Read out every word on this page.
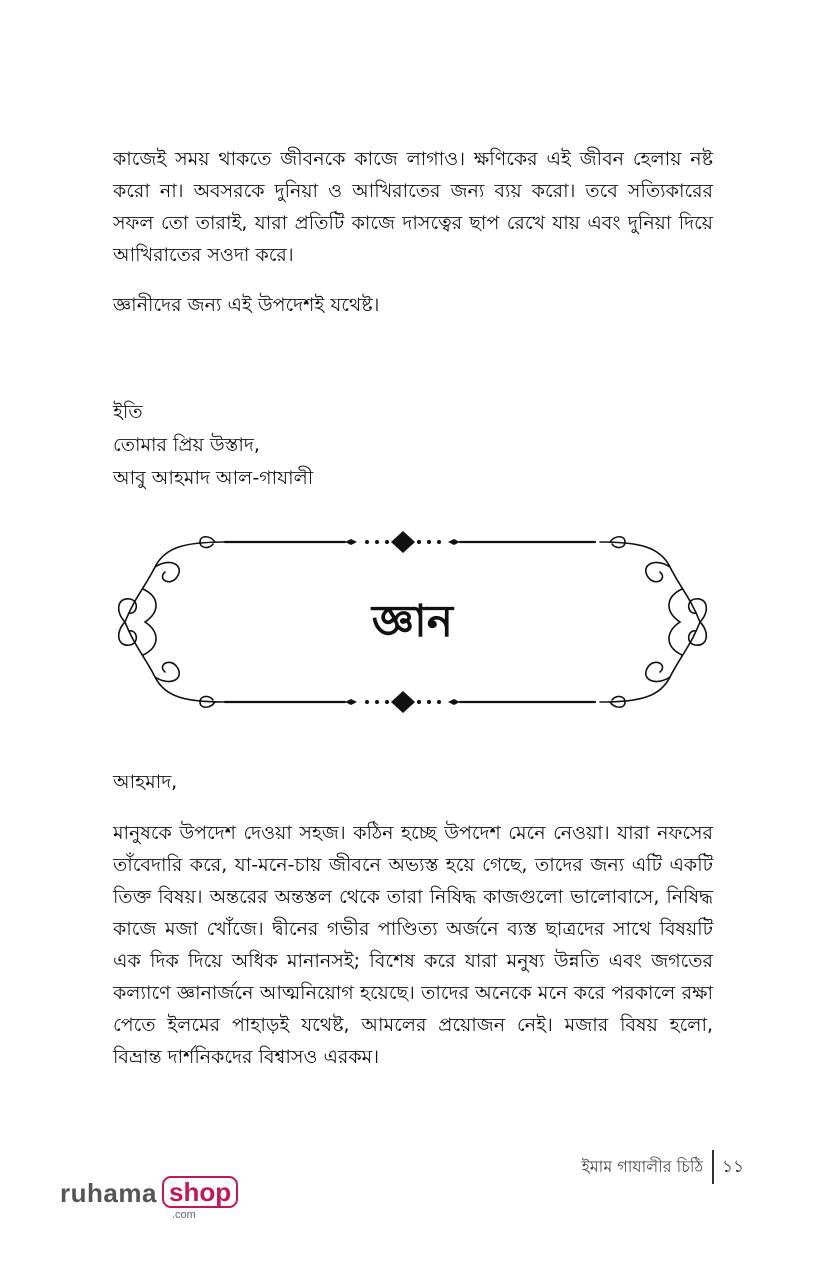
কাজেই সময় থাকতে জীবনকে কাজে লাগাও। ক্ষণিকের এই জীবন হেলায় নষ্ট করো না। অবসরকে দুনিয়া ও আখিরাতের জন্য ব্যয় করো। তবে সত্যিকারের সফল তো তারাই, যারা প্রতিটি কাজে দাসত্বের ছাপ রেখে যায় এবং দুনিয়া দিয়ে আখিরাতের সওদা করে।

জ্ঞানীদের জন্য এই উপদেশই যথেষ্ট।

ইতি

তোমার প্রিয় উস্তাদ,

আবু আহমাদ আল-গাযালী

জ্ঞান

আহমাদ,

মানুষকে উপদেশ দেওয়া সহজ। কঠিন হচ্ছে উপদেশ মেনে নেওয়া। যারা নফসের তাঁবেদারি করে, যা-মনে-চায় জীবনে অভ্যস্ত হয়ে গেছে, তাদের জন্য এটি একটি তিক্ত বিষয়। অন্তরের অন্তস্তল থেকে তারা নিষিদ্ধ কাজগুলো ভালোবাসে, নিষিদ্ধ কাজে মজা খোঁজে। দ্বীনের গভীর পাণ্ডিত্য অর্জনে ব্যস্ত ছাত্রদের সাথে বিষয়টি এক দিক দিয়ে অধিক মানানসই; বিশেষ করে যারা মনুষ্য উন্নতি এবং জগতের কল্যাণে জ্ঞানার্জনে আত্মনিয়োগ হয়েছে। তাদের অনেকে মনে করে পরকালে রক্ষা পেতে ইলমের পাহাড়ই যথেষ্ট, আমলের প্রয়োজন নেই। মজার বিষয় হলো, বিভ্রান্ত দার্শনিকদের বিশ্বাসও এরকম।

ইমাম গাযালীর চিঠি ১১
ruhama shop
.com
